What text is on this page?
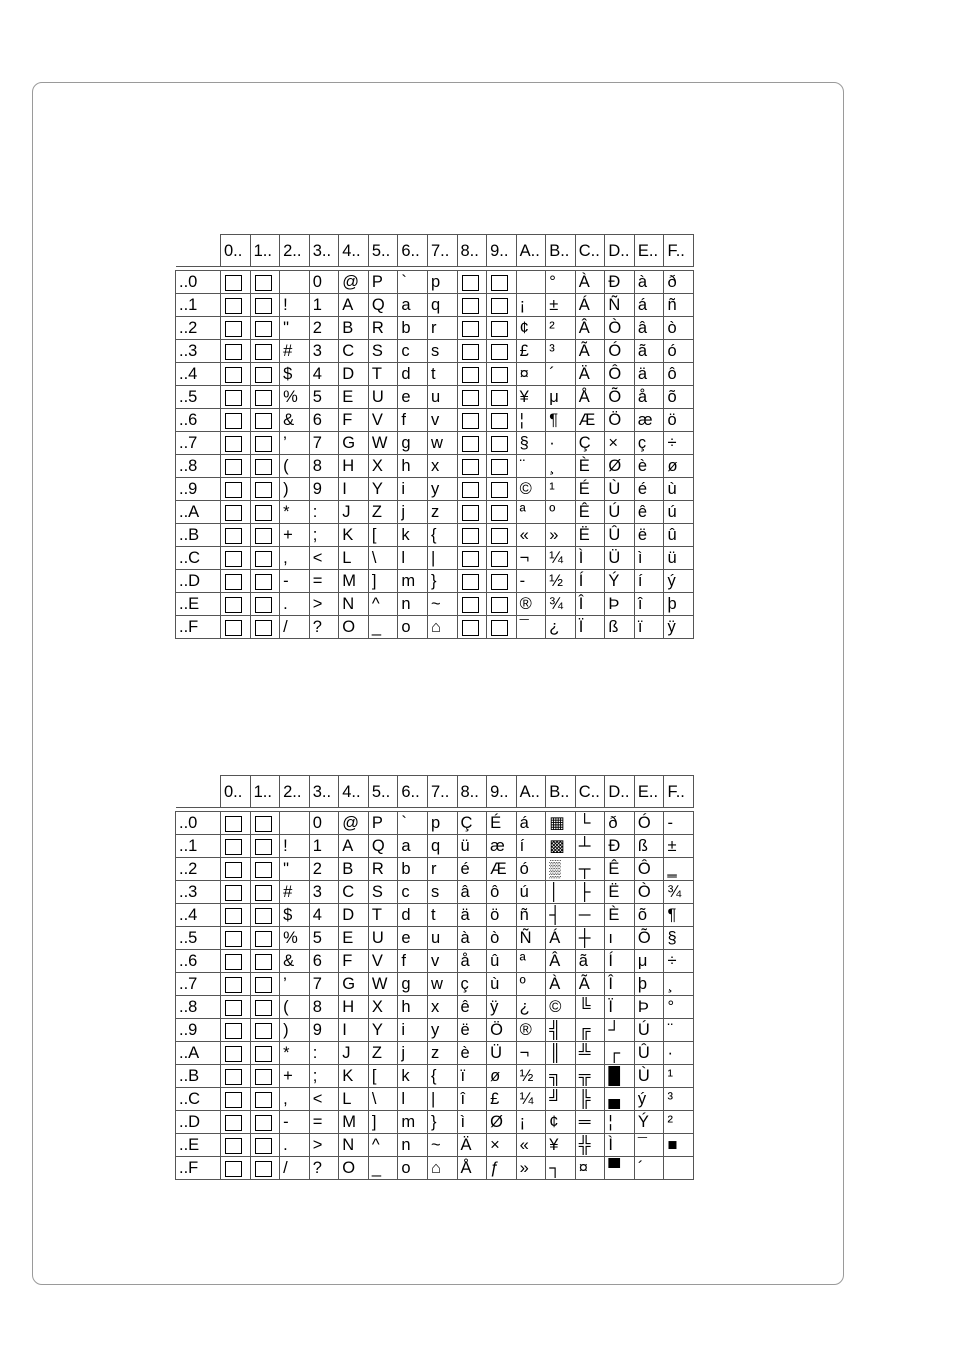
	0..	1..	2..	3..	4..	5..	6..	7..	8..	9..	A..	B..	C..	D..	E..	F..

..0				0	@	P	`	p				°	À	Đ	à	ð
..1			!	1	A	Q	a	q			¡	±	Á	Ñ	á	ñ
..2			"	2	B	R	b	r			¢	²	Â	Ò	â	ò
..3			#	3	C	S	c	s			£	³	Ã	Ó	ã	ó
..4			$	4	D	T	d	t			¤	´	Ä	Ô	ä	ô
..5			%	5	E	U	e	u			¥	μ	Å	Õ	å	õ
..6			&	6	F	V	f	v			¦	¶	Æ	Ö	æ	ö
..7			’	7	G	W	g	w			§	·	Ç	×	ç	÷
..8			(	8	H	X	h	x			¨	¸	È	Ø	è	ø
..9			)	9	I	Y	i	y			©	¹	É	Ù	é	ù
..A			*	:	J	Z	j	z			ª	º	Ê	Ú	ê	ú
..B			+	;	K	[	k	{			«	»	Ë	Û	ë	û
..C			,	<	L	\	l	|			¬	¼	Ì	Ü	ì	ü
..D			-	=	M	]	m	}			-	½	Í	Ý	í	ý
..E			.	>	N	^	n	~			®	¾	Î	Þ	î	þ
..F			/	?	O	_	o	⌂			¯	¿	Ï	ß	ï	ÿ
	0..	1..	2..	3..	4..	5..	6..	7..	8..	9..	A..	B..	C..	D..	E..	F..

..0				0	@	P	`	p	Ç	É	á	▦	└	ð	Ó	-
..1			!	1	A	Q	a	q	ü	æ	í	▩	┴	Đ	ß	±
..2			"	2	B	R	b	r	é	Æ	ó	▒	┬	Ê	Ô	‗
..3			#	3	C	S	c	s	â	ô	ú	│	├	Ë	Ò	¾
..4			$	4	D	T	d	t	ä	ö	ñ	┤	─	È	õ	¶
..5			%	5	E	U	e	u	à	ò	Ñ	Á	┼	ı	Õ	§
..6			&	6	F	V	f	v	å	û	ª	Â	ã	Í	μ	÷
..7			’	7	G	W	g	w	ç	ù	º	À	Ã	Î	þ	¸
..8			(	8	H	X	h	x	ê	ÿ	¿	©	╚	Ï	Þ	°
..9			)	9	I	Y	i	y	ë	Ö	®	╣	╔	┘	Ú	¨
..A			*	:	J	Z	j	z	è	Ü	¬	║	╩	┌	Û	·
..B			+	;	K	[	k	{	ï	ø	½	╗	╦	█	Ù	¹
..C			,	<	L	\	l	|	î	£	¼	╝	╠	▄	ý	³
..D			-	=	M	]	m	}	ì	Ø	¡	¢	═	¦	Ý	²
..E			.	>	N	^	n	~	Ä	×	«	¥	╬	Ì	¯	■
..F			/	?	O	_	o	⌂	Å	ƒ	»	┐	¤	▀	´	
